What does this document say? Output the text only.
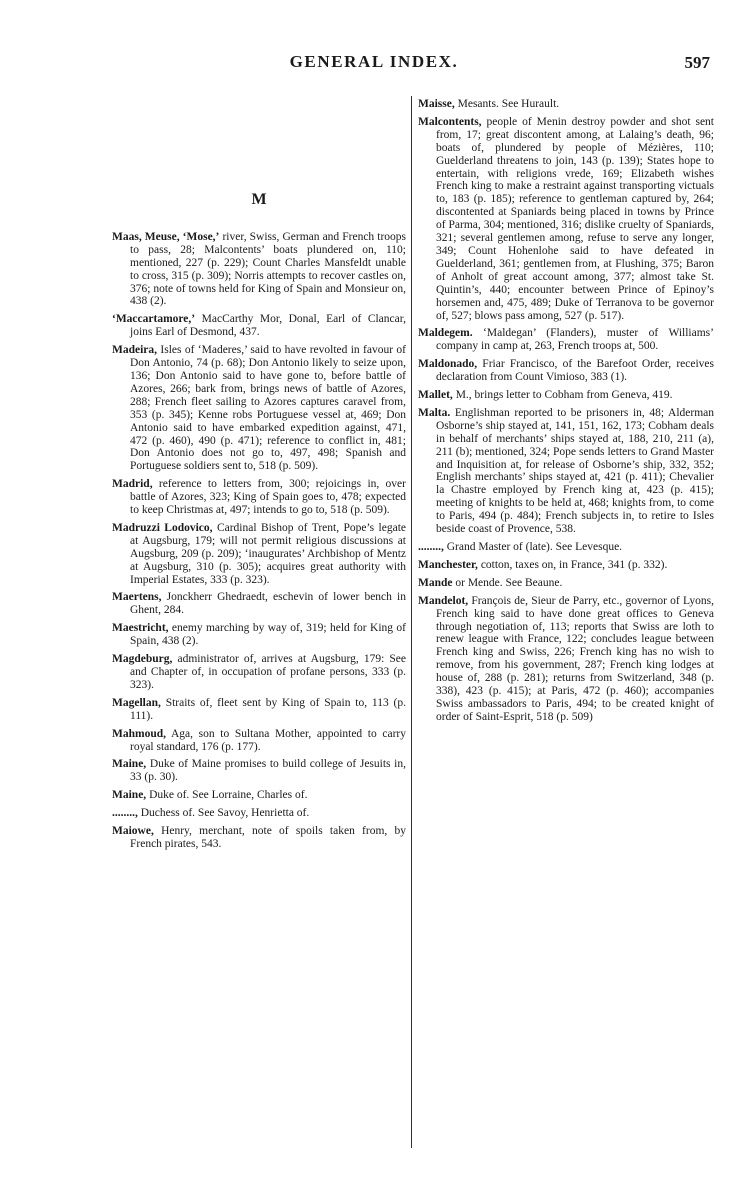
GENERAL INDEX.	597
M

Maas, Meuse, ‘Mose,’ river, Swiss, German and French troops to pass, 28; Malcontents’ boats plundered on, 110; mentioned, 227 (p. 229); Count Charles Mansfeldt unable to cross, 315 (p. 309); Norris attempts to recover castles on, 376; note of towns held for King of Spain and Monsieur on, 438 (2).

‘Maccartamore,’ MacCarthy Mor, Donal, Earl of Clancar, joins Earl of Desmond, 437.

Madeira, Isles of ‘Maderes,’ said to have revolted in favour of Don Antonio, 74 (p. 68); Don Antonio likely to seize upon, 136; Don Antonio said to have gone to, before battle of Azores, 266; bark from, brings news of battle of Azores, 288; French fleet sailing to Azores captures caravel from, 353 (p. 345); Kenne robs Portuguese vessel at, 469; Don Antonio said to have embarked expedition against, 471, 472 (p. 460), 490 (p. 471); reference to conflict in, 481; Don Antonio does not go to, 497, 498; Spanish and Portuguese soldiers sent to, 518 (p. 509).

Madrid, reference to letters from, 300; rejoicings in, over battle of Azores, 323; King of Spain goes to, 478; expected to keep Christmas at, 497; intends to go to, 518 (p. 509).

Madruzzi Lodovico, Cardinal Bishop of Trent, Pope’s legate at Augsburg, 179; will not permit religious discussions at Augsburg, 209 (p. 209); ‘inaugurates’ Archbishop of Mentz at Augsburg, 310 (p. 305); acquires great authority with Imperial Estates, 333 (p. 323).

Maertens, Jonckherr Ghedraedt, eschevin of lower bench in Ghent, 284.

Maestricht, enemy marching by way of, 319; held for King of Spain, 438 (2).

Magdeburg, administrator of, arrives at Augsburg, 179: See and Chapter of, in occupation of profane persons, 333 (p. 323).

Magellan, Straits of, fleet sent by King of Spain to, 113 (p. 111).

Mahmoud, Aga, son to Sultana Mother, appointed to carry royal standard, 176 (p. 177).

Maine, Duke of Maine promises to build college of Jesuits in, 33 (p. 30).

Maine, Duke of. See Lorraine, Charles of.

........, Duchess of. See Savoy, Henrietta of.

Maiowe, Henry, merchant, note of spoils taken from, by French pirates, 543.

Maisse, Mesants. See Hurault.

Malcontents, people of Menin destroy powder and shot sent from, 17; great discontent among, at Lalaing’s death, 96; boats of, plundered by people of Mézières, 110; Guelderland threatens to join, 143 (p. 139); States hope to entertain, with religions vrede, 169; Elizabeth wishes French king to make a restraint against transporting victuals to, 183 (p. 185); reference to gentleman captured by, 264; discontented at Spaniards being placed in towns by Prince of Parma, 304; mentioned, 316; dislike cruelty of Spaniards, 321; several gentlemen among, refuse to serve any longer, 349; Count Hohenlohe said to have defeated in Guelderland, 361; gentlemen from, at Flushing, 375; Baron of Anholt of great account among, 377; almost take St. Quintin’s, 440; encounter between Prince of Epinoy’s horsemen and, 475, 489; Duke of Terranova to be governor of, 527; blows pass among, 527 (p. 517).

Maldegem. ‘Maldegan’ (Flanders), muster of Williams’ company in camp at, 263, French troops at, 500.

Maldonado, Friar Francisco, of the Barefoot Order, receives declaration from Count Vimioso, 383 (1).

Mallet, M., brings letter to Cobham from Geneva, 419.

Malta. Englishman reported to be prisoners in, 48; Alderman Osborne’s ship stayed at, 141, 151, 162, 173; Cobham deals in behalf of merchants’ ships stayed at, 188, 210, 211 (a), 211 (b); mentioned, 324; Pope sends letters to Grand Master and Inquisition at, for release of Osborne’s ship, 332, 352; English merchants’ ships stayed at, 421 (p. 411); Chevalier la Chastre employed by French king at, 423 (p. 415); meeting of knights to be held at, 468; knights from, to come to Paris, 494 (p. 484); French subjects in, to retire to Isles beside coast of Provence, 538.

........, Grand Master of (late). See Levesque.

Manchester, cotton, taxes on, in France, 341 (p. 332).

Mande or Mende. See Beaune.

Mandelot, François de, Sieur de Parry, etc., governor of Lyons, French king said to have done great offices to Geneva through negotiation of, 113; reports that Swiss are loth to renew league with France, 122; concludes league between French king and Swiss, 226; French king has no wish to remove, from his government, 287; French king lodges at house of, 288 (p. 281); returns from Switzerland, 348 (p. 338), 423 (p. 415); at Paris, 472 (p. 460); accompanies Swiss ambassadors to Paris, 494; to be created knight of order of Saint-Esprit, 518 (p. 509)
